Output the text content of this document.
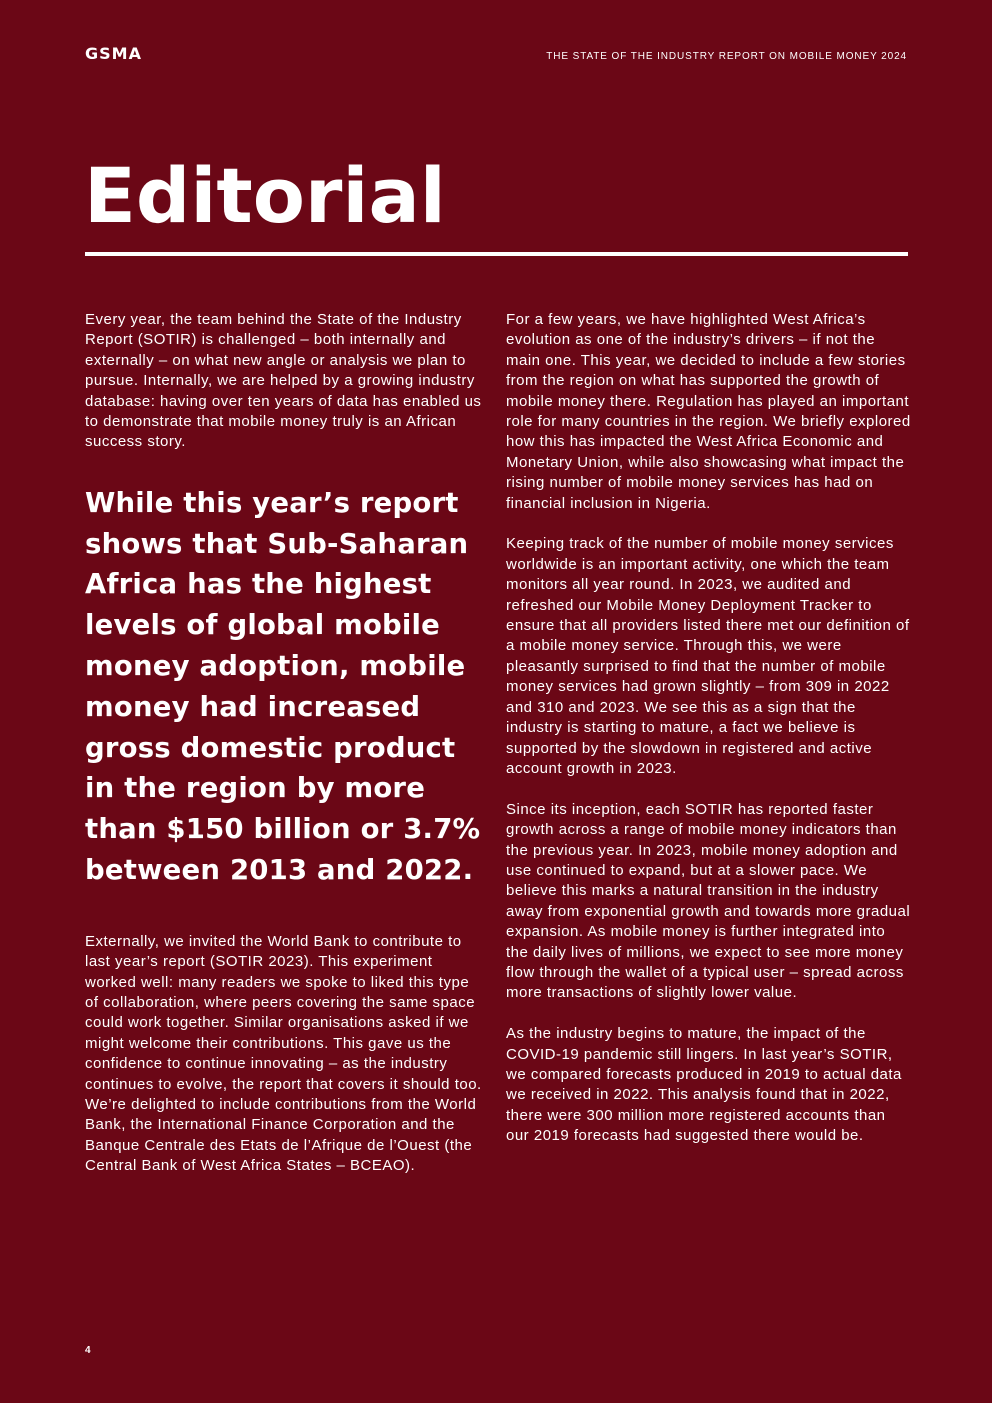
GSMA	THE STATE OF THE INDUSTRY REPORT ON MOBILE MONEY 2024
Editorial

Every year, the team behind the State of the Industry Report (SOTIR) is challenged – both internally and externally – on what new angle or analysis we plan to pursue. Internally, we are helped by a growing industry database: having over ten years of data has enabled us to demonstrate that mobile money truly is an African success story.

While this year’s report shows that Sub-Saharan Africa has the highest levels of global mobile money adoption, mobile money had increased gross domestic product in the region by more than $150 billion or 3.7% between 2013 and 2022.

Externally, we invited the World Bank to contribute to last year’s report (SOTIR 2023). This experiment worked well: many readers we spoke to liked this type of collaboration, where peers covering the same space could work together. Similar organisations asked if we might welcome their contributions. This gave us the confidence to continue innovating – as the industry continues to evolve, the report that covers it should too. We’re delighted to include contributions from the World Bank, the International Finance Corporation and the Banque Centrale des Etats de l’Afrique de l’Ouest (the Central Bank of West Africa States – BCEAO).

For a few years, we have highlighted West Africa’s evolution as one of the industry’s drivers – if not the main one. This year, we decided to include a few stories from the region on what has supported the growth of mobile money there. Regulation has played an important role for many countries in the region. We briefly explored how this has impacted the West Africa Economic and Monetary Union, while also showcasing what impact the rising number of mobile money services has had on financial inclusion in Nigeria.

Keeping track of the number of mobile money services worldwide is an important activity, one which the team monitors all year round. In 2023, we audited and refreshed our Mobile Money Deployment Tracker to ensure that all providers listed there met our definition of a mobile money service. Through this, we were pleasantly surprised to find that the number of mobile money services had grown slightly – from 309 in 2022 and 310 and 2023. We see this as a sign that the industry is starting to mature, a fact we believe is supported by the slowdown in registered and active account growth in 2023.

Since its inception, each SOTIR has reported faster growth across a range of mobile money indicators than the previous year. In 2023, mobile money adoption and use continued to expand, but at a slower pace. We believe this marks a natural transition in the industry away from exponential growth and towards more gradual expansion. As mobile money is further integrated into the daily lives of millions, we expect to see more money flow through the wallet of a typical user – spread across more transactions of slightly lower value.

As the industry begins to mature, the impact of the COVID-19 pandemic still lingers. In last year’s SOTIR, we compared forecasts produced in 2019 to actual data we received in 2022. This analysis found that in 2022, there were 300 million more registered accounts than our 2019 forecasts had suggested there would be.

4
